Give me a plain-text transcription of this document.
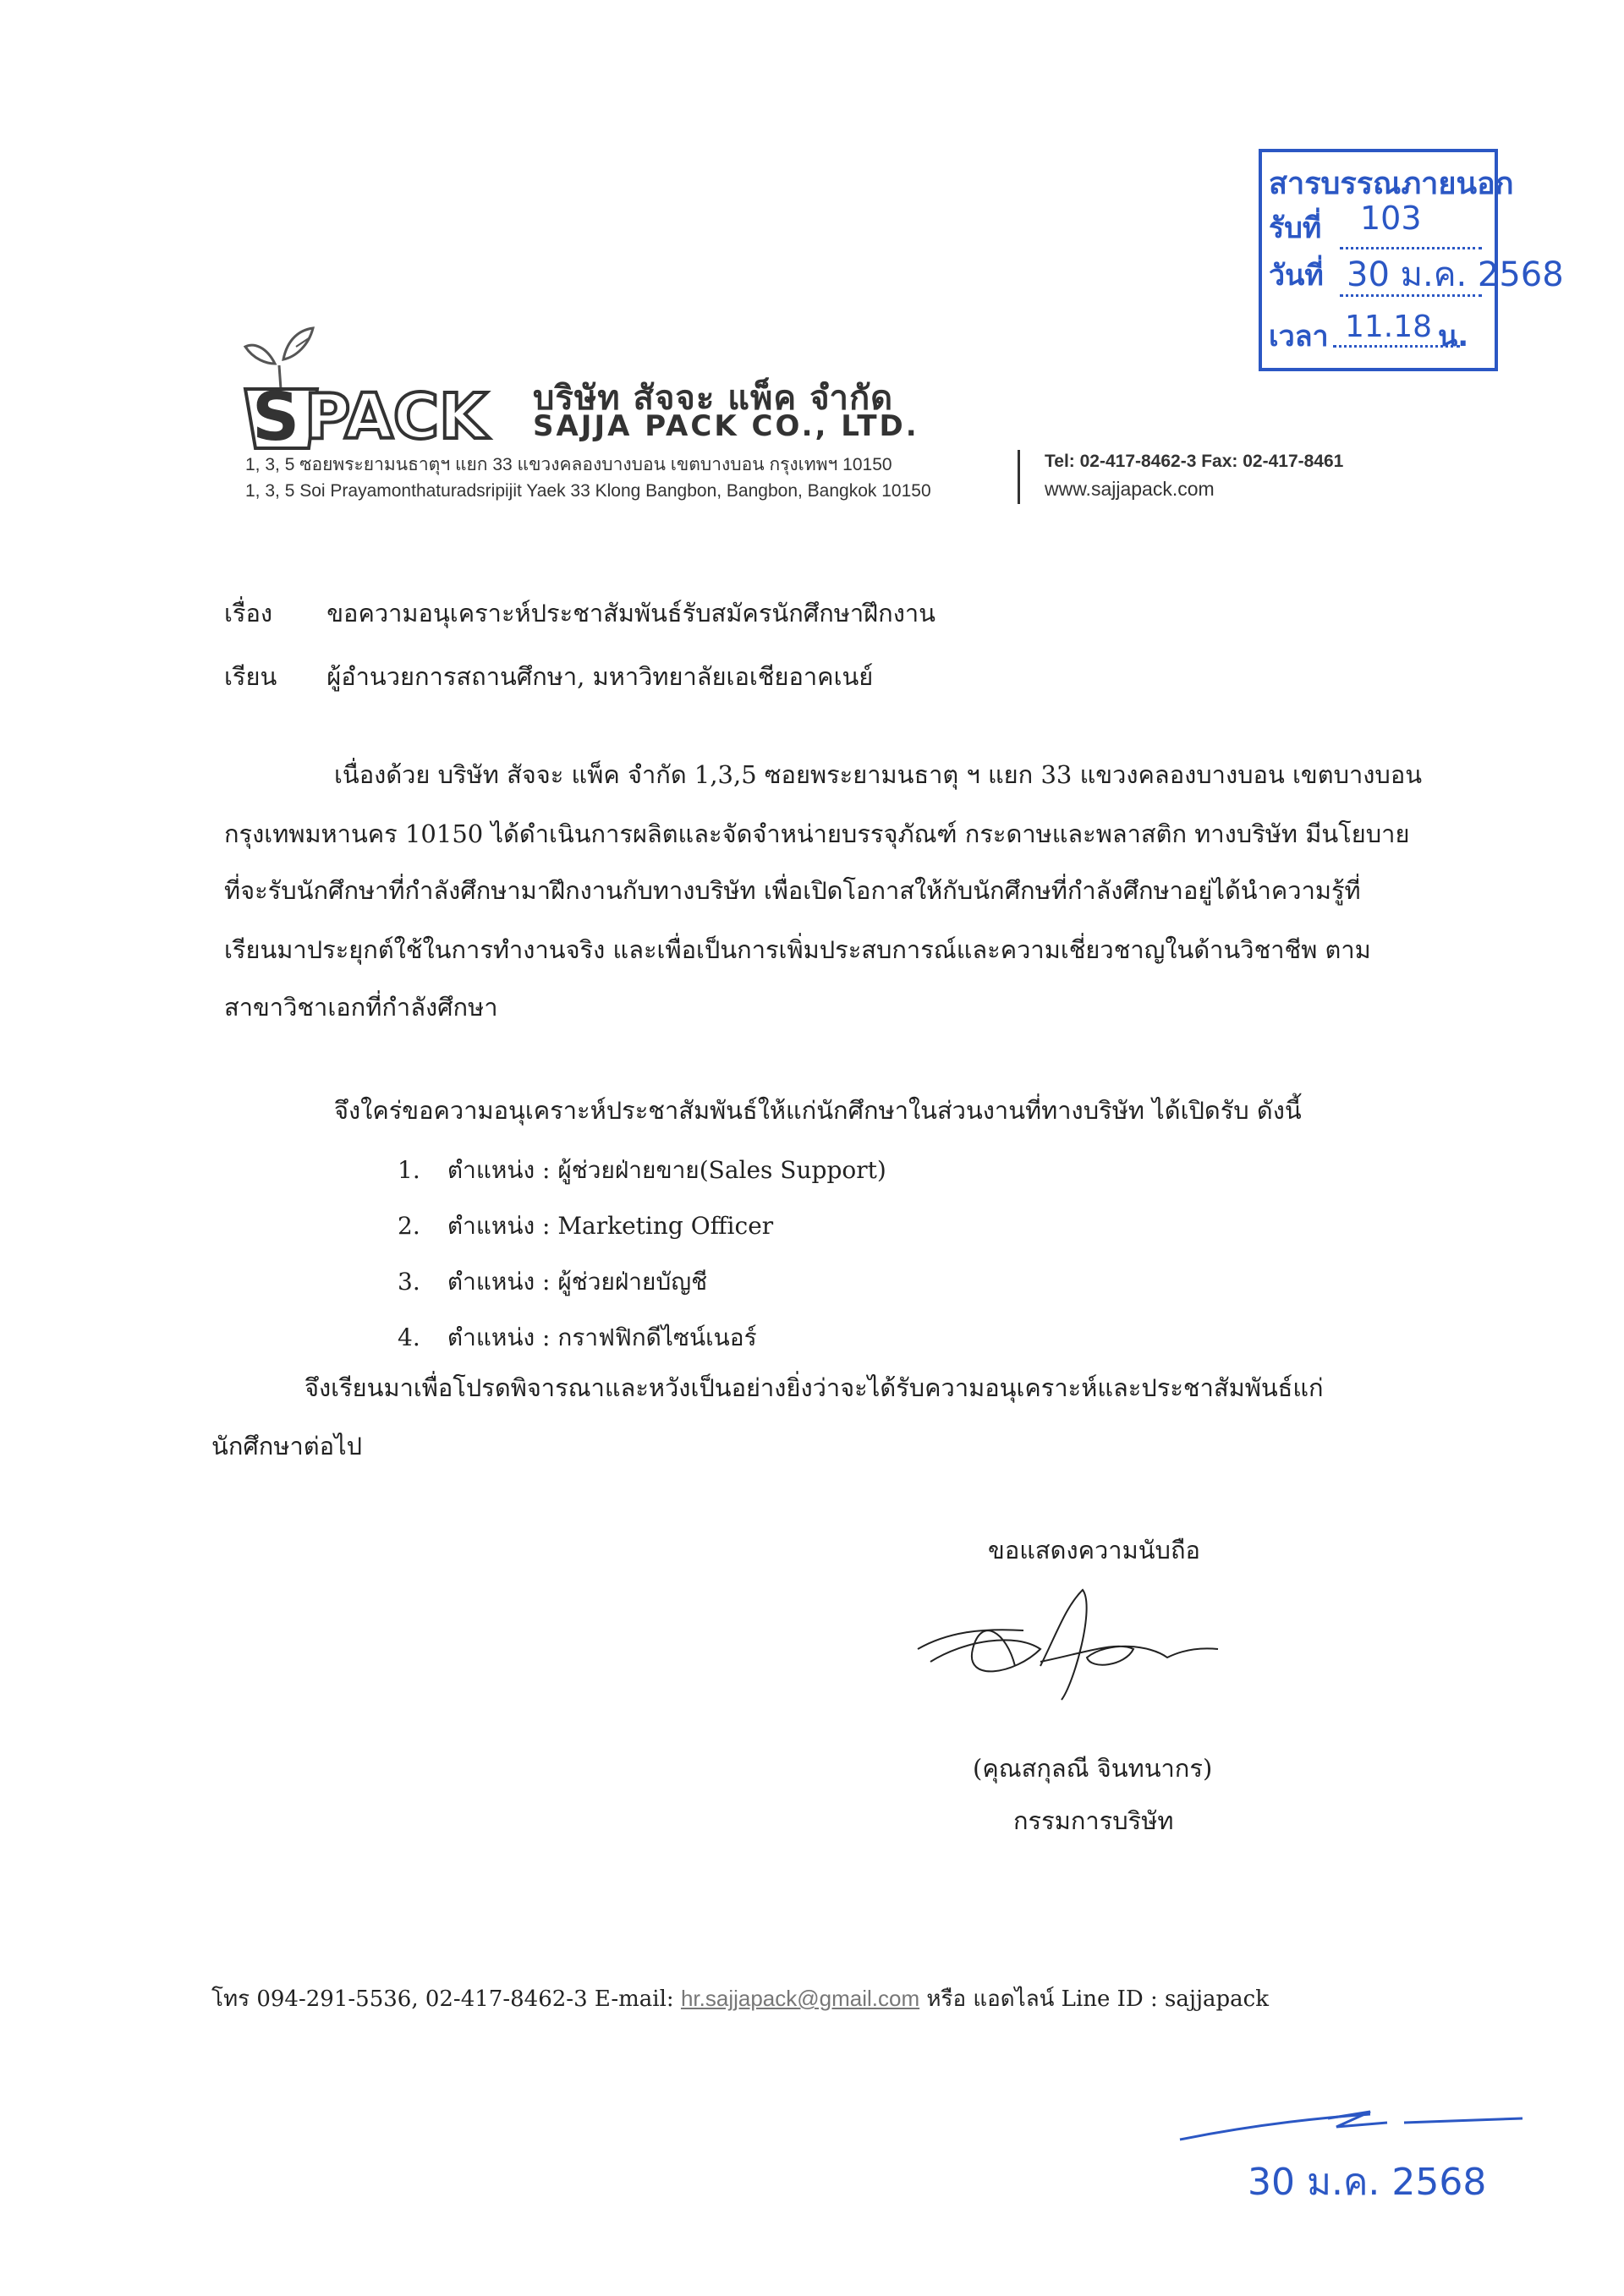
S PACK บริษัท สัจจะ แพ็ค จำกัด
SAJJA PACK CO., LTD.
1, 3, 5 ซอยพระยามนธาตุฯ แยก 33 แขวงคลองบางบอน เขตบางบอน กรุงเทพฯ 10150
1, 3, 5 Soi Prayamonthaturadsripijit Yaek 33 Klong Bangbon, Bangbon, Bangkok 10150
Tel: 02-417-8462-3 Fax: 02-417-8461
www.sajjapack.com
สารบรรณภายนอก
รับที่ 103
วันที่ 30 ม.ค. 2568
เวลา 11.18 น.
เรื่อง ขอความอนุเคราะห์ประชาสัมพันธ์รับสมัครนักศึกษาฝึกงาน
เรียน ผู้อำนวยการสถานศึกษา, มหาวิทยาลัยเอเชียอาคเนย์
เนื่องด้วย บริษัท สัจจะ แพ็ค จำกัด 1,3,5 ซอยพระยามนธาตุ ฯ แยก 33 แขวงคลองบางบอน เขตบางบอน
กรุงเทพมหานคร 10150 ได้ดำเนินการผลิตและจัดจำหน่ายบรรจุภัณฑ์ กระดาษและพลาสติก ทางบริษัท มีนโยบาย
ที่จะรับนักศึกษาที่กำลังศึกษามาฝึกงานกับทางบริษัท เพื่อเปิดโอกาสให้กับนักศึกษที่กำลังศึกษาอยู่ได้นำความรู้ที่
เรียนมาประยุกต์ใช้ในการทำงานจริง และเพื่อเป็นการเพิ่มประสบการณ์และความเชี่ยวชาญในด้านวิชาชีพ ตาม
สาขาวิชาเอกที่กำลังศึกษา
จึงใคร่ขอความอนุเคราะห์ประชาสัมพันธ์ให้แก่นักศึกษาในส่วนงานที่ทางบริษัท ได้เปิดรับ ดังนี้
1. ตำแหน่ง : ผู้ช่วยฝ่ายขาย(Sales Support)
2. ตำแหน่ง : Marketing Officer
3. ตำแหน่ง : ผู้ช่วยฝ่ายบัญชี
4. ตำแหน่ง : กราฟฟิกดีไซน์เนอร์
จึงเรียนมาเพื่อโปรดพิจารณาและหวังเป็นอย่างยิ่งว่าจะได้รับความอนุเคราะห์และประชาสัมพันธ์แก่
นักศึกษาต่อไป
ขอแสดงความนับถือ
(คุณสกุลณี จินทนากร)
กรรมการบริษัท
โทร 094-291-5536, 02-417-8462-3 E-mail: hr.sajjapack@gmail.com หรือ แอดไลน์ Line ID : sajjapack
30 ม.ค. 2568
